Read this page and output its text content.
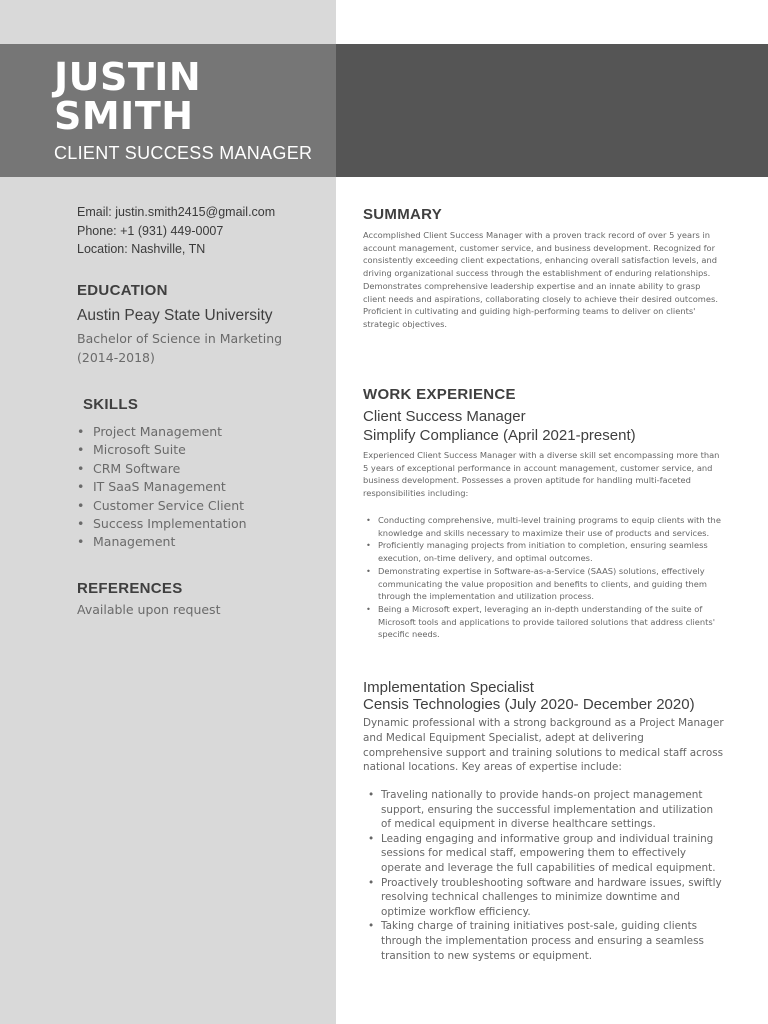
JUSTIN
SMITH
CLIENT SUCCESS MANAGER
Email: justin.smith2415@gmail.com
Phone: +1 (931) 449-0007
Location: Nashville, TN
EDUCATION
Austin Peay State University
Bachelor of Science in Marketing (2014-2018)
SKILLS
• Project Management
• Microsoft Suite
• CRM Software
• IT SaaS Management
• Customer Service Client
• Success Implementation
• Management
REFERENCES
Available upon request
SUMMARY
Accomplished Client Success Manager with a proven track record of over 5 years in account management, customer service, and business development. Recognized for consistently exceeding client expectations, enhancing overall satisfaction levels, and driving organizational success through the establishment of enduring relationships. Demonstrates comprehensive leadership expertise and an innate ability to grasp client needs and aspirations, collaborating closely to achieve their desired outcomes. Proficient in cultivating and guiding high-performing teams to deliver on clients' strategic objectives.
WORK EXPERIENCE
Client Success Manager
Simplify Compliance (April 2021-present)
Experienced Client Success Manager with a diverse skill set encompassing more than 5 years of exceptional performance in account management, customer service, and business development. Possesses a proven aptitude for handling multi-faceted responsibilities including:
• Conducting comprehensive, multi-level training programs to equip clients with the knowledge and skills necessary to maximize their use of products and services.
• Proficiently managing projects from initiation to completion, ensuring seamless execution, on-time delivery, and optimal outcomes.
• Demonstrating expertise in Software-as-a-Service (SAAS) solutions, effectively communicating the value proposition and benefits to clients, and guiding them through the implementation and utilization process.
• Being a Microsoft expert, leveraging an in-depth understanding of the suite of Microsoft tools and applications to provide tailored solutions that address clients' specific needs.
Implementation Specialist
Censis Technologies (July 2020- December 2020)
Dynamic professional with a strong background as a Project Manager and Medical Equipment Specialist, adept at delivering comprehensive support and training solutions to medical staff across national locations. Key areas of expertise include:
• Traveling nationally to provide hands-on project management support, ensuring the successful implementation and utilization of medical equipment in diverse healthcare settings.
• Leading engaging and informative group and individual training sessions for medical staff, empowering them to effectively operate and leverage the full capabilities of medical equipment.
• Proactively troubleshooting software and hardware issues, swiftly resolving technical challenges to minimize downtime and optimize workflow efficiency.
• Taking charge of training initiatives post-sale, guiding clients through the implementation process and ensuring a seamless transition to new systems or equipment.
